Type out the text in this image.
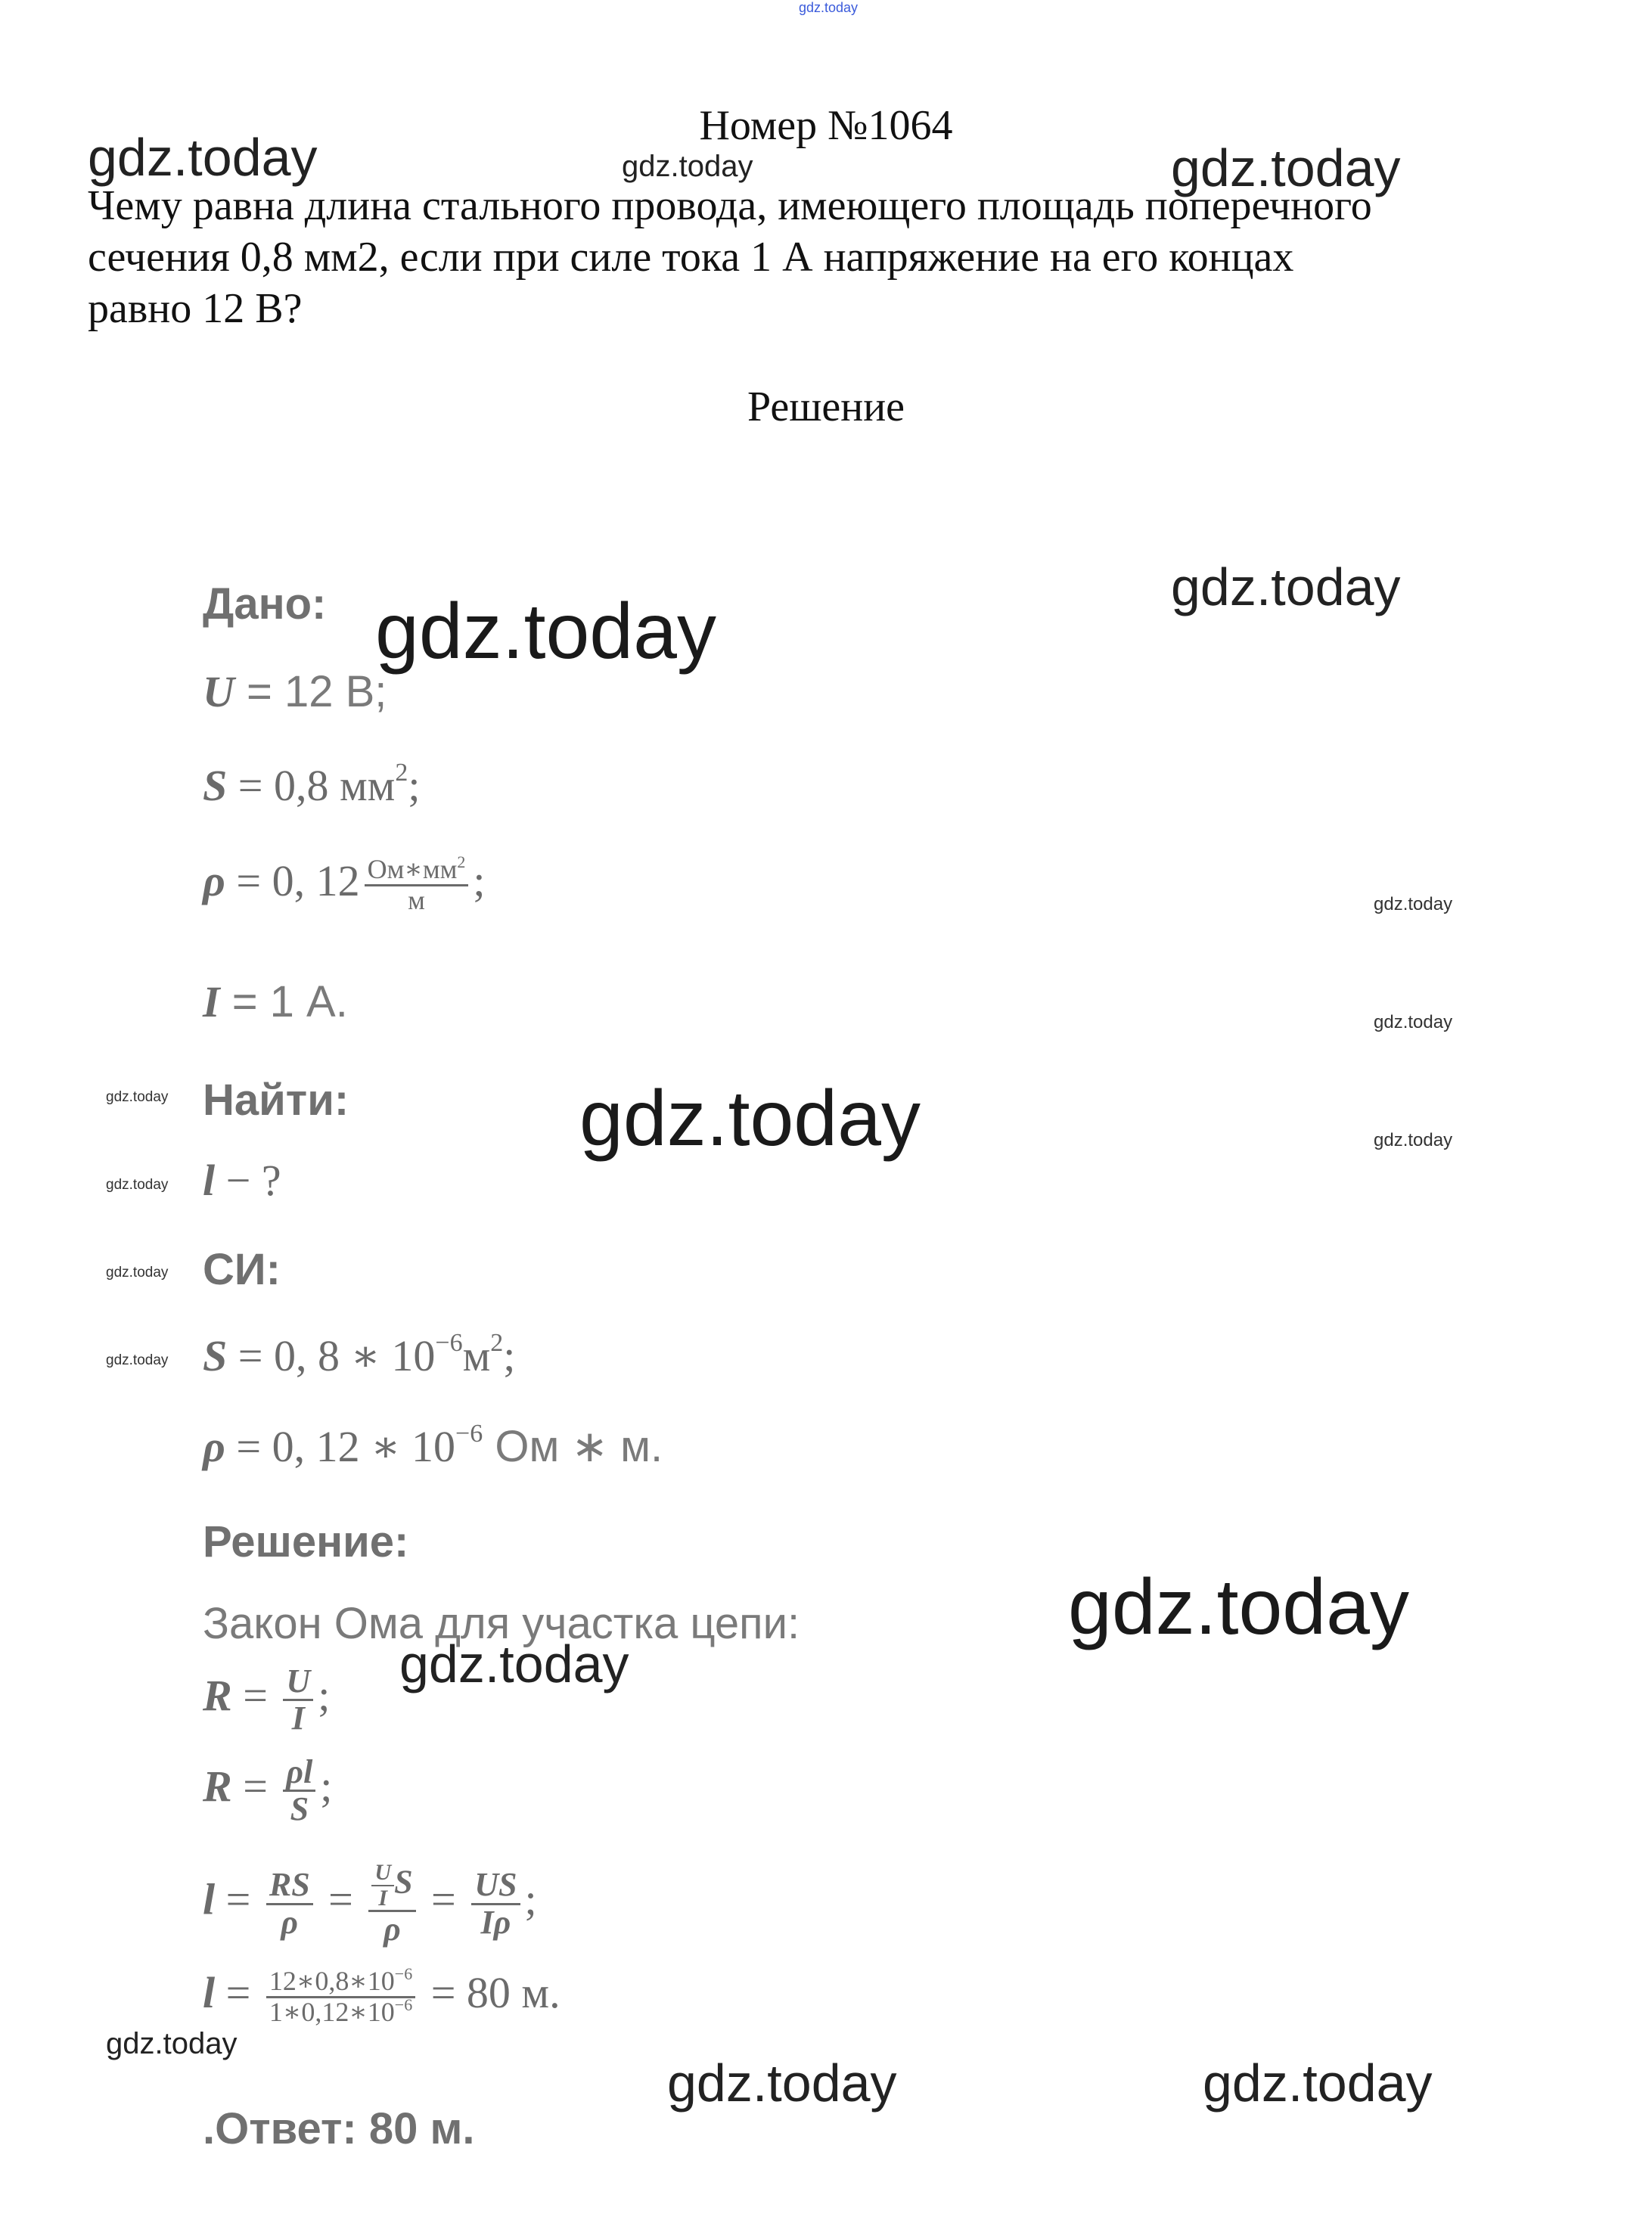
gdz.today
Номер №1064
Чему равна длина стального провода, имеющего площадь поперечного
сечения 0,8 мм2, если при силе тока 1 А напряжение на его концах
равно 12 В?
Решение
Дано:
U = 12 В;
S = 0,8 $мм^2$;
ρ = 0, $12 \frac{Ом∗мм^2}{м}$ ;
I = 1 А.
Найти:
l − ?
СИ:
S = 0, 8 ∗ $10^{-6}м^2$;
ρ = 0, 12 ∗ $10^{-6}$ Ом ∗ м.
Решение:
Закон Ома для участка цепи:
$R = \frac{U}{I}$ ;
$R = \frac{\rho l}{S}$ ;
$l = \frac{RS}{\rho} = \frac{\frac{U}{I} S}{\rho} = \frac{US}{I\rho}$ ;
$l = \frac{12∗0,8∗10^{-6}}{1∗0,12∗10^{-6}} = 80$ м.
.Ответ: 80 м.
gdz.today	gdz.today	gdz.today
gdz.today
gdz.today
gdz.today
gdz.today
gdz.today	gdz.today
gdz.today
gdz.today
gdz.today
gdz.today
gdz.today
gdz.today
gdz.today
gdz.today	gdz.today
